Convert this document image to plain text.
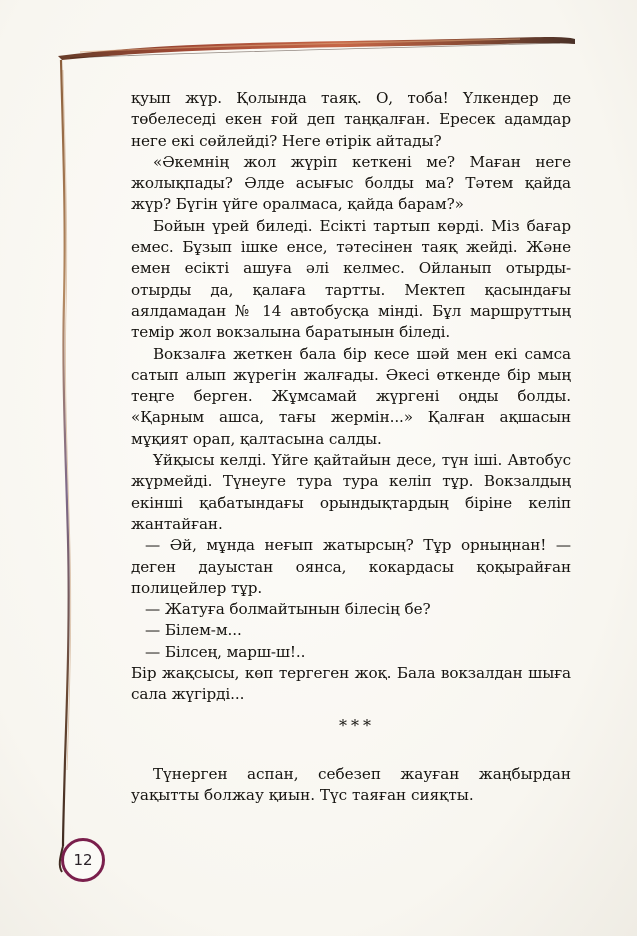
қуып жүр. Қолында таяқ. О, тоба! Үлкендер де төбелеседі екен ғой деп таңқалған. Ересек адамдар неге екі сөйлейді? Неге өтірік айтады?

«Әкемнің жол жүріп кеткені ме? Маған неге жолықпады? Әлде асығыс болды ма? Тәтем қайда жүр? Бүгін үйге оралмаса, қайда барам?»

Бойын үрей биледі. Есікті тартып көрді. Міз бағар емес. Бұзып ішке енсе, тәтесінен таяқ жейді. Және емен есікті ашуға әлі келмес. Ойланып отырды-отырды да, қалаға тартты. Мектеп қасындағы аялдамадан № 14 автобусқа мінді. Бұл маршруттың темір жол вокзалына баратынын біледі.

Вокзалға жеткен бала бір кесе шәй мен екі самса сатып алып жүрегін жалғады. Әкесі өткенде бір мың теңге берген. Жұмсамай жүргені оңды болды. «Қарным ашса, тағы жермін...» Қалған ақшасын мұқият орап, қалтасына салды.

Ұйқысы келді. Үйге қайтайын десе, түн іші. Автобус жүрмейді. Түнеуге тура тура келіп тұр. Вокзалдың екінші қабатындағы орындықтардың біріне келіп жантайған.

— Әй, мұнда неғып жатырсың? Тұр орныңнан! — деген дауыстан оянса, кокардасы қоқырайған полицейлер тұр.

— Жатуға болмайтынын білесің бе?

— Білем-м...

— Білсең, марш-ш!..

Бір жақсысы, көп тергеген жоқ. Бала вокзалдан шыға сала жүгірді...

***

Түнерген аспан, себезеп жауған жаңбырдан уақытты болжау қиын. Түс таяған сияқты.

12
